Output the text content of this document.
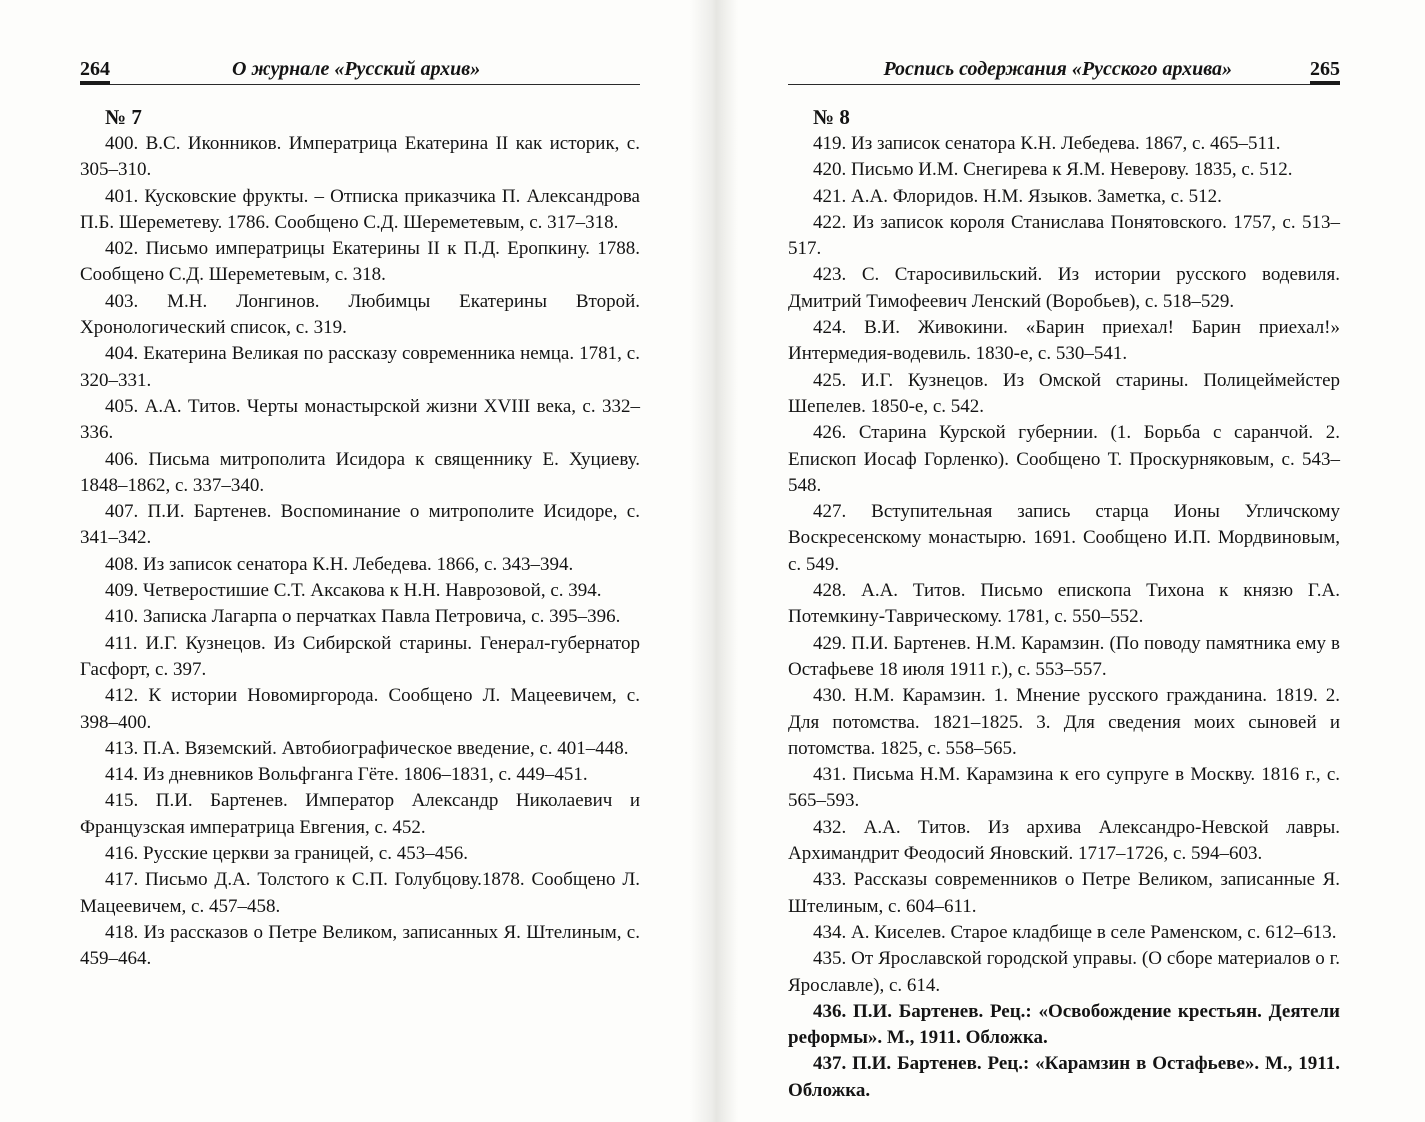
264	О журнале «Русский архив»
№ 7

400. В.С. Иконников. Императрица Екатерина II как историк, с. 305–310.

401. Кусковские фрукты. – Отписка приказчика П. Александрова П.Б. Шереметеву. 1786. Сообщено С.Д. Шереметевым, с. 317–318.

402. Письмо императрицы Екатерины II к П.Д. Еропкину. 1788. Сообщено С.Д. Шереметевым, с. 318.

403. М.Н. Лонгинов. Любимцы Екатерины Второй. Хронологический список, с. 319.

404. Екатерина Великая по рассказу современника немца. 1781, с. 320–331.

405. А.А. Титов. Черты монастырской жизни XVIII века, с. 332–336.

406. Письма митрополита Исидора к священнику Е. Хуциеву. 1848–1862, с. 337–340.

407. П.И. Бартенев. Воспоминание о митрополите Исидоре, с. 341–342.

408. Из записок сенатора К.Н. Лебедева. 1866, с. 343–394.

409. Четверостишие С.Т. Аксакова к Н.Н. Наврозовой, с. 394.

410. Записка Лагарпа о перчатках Павла Петровича, с. 395–396.

411. И.Г. Кузнецов. Из Сибирской старины. Генерал-губернатор Гасфорт, с. 397.

412. К истории Новомиргорода. Сообщено Л. Мацеевичем, с. 398–400.

413. П.А. Вяземский. Автобиографическое введение, с. 401–448.

414. Из дневников Вольфганга Гёте. 1806–1831, с. 449–451.

415. П.И. Бартенев. Император Александр Николаевич и Французская императрица Евгения, с. 452.

416. Русские церкви за границей, с. 453–456.

417. Письмо Д.А. Толстого к С.П. Голубцову.1878. Сообщено Л. Мацеевичем, с. 457–458.

418. Из рассказов о Петре Великом, записанных Я. Штелиным, с. 459–464.

Роспись содержания «Русского архива»	265
№ 8

419. Из записок сенатора К.Н. Лебедева. 1867, с. 465–511.

420. Письмо И.М. Снегирева к Я.М. Неверову. 1835, с. 512.

421. А.А. Флоридов. Н.М. Языков. Заметка, с. 512.

422. Из записок короля Станислава Понятовского. 1757, с. 513–517.

423. С. Старосивильский. Из истории русского водевиля. Дмитрий Тимофеевич Ленский (Воробьев), с. 518–529.

424. В.И. Живокини. «Барин приехал! Барин приехал!» Интермедия-водевиль. 1830-е, с. 530–541.

425. И.Г. Кузнецов. Из Омской старины. Полицеймейстер Шепелев. 1850-е, с. 542.

426. Старина Курской губернии. (1. Борьба с саранчой. 2. Епископ Иосаф Горленко). Сообщено Т. Проскурняковым, с. 543–548.

427. Вступительная запись старца Ионы Угличскому Воскресенскому монастырю. 1691. Сообщено И.П. Мордвиновым, с. 549.

428. А.А. Титов. Письмо епископа Тихона к князю Г.А. Потемкину-Таврическому. 1781, с. 550–552.

429. П.И. Бартенев. Н.М. Карамзин. (По поводу памятника ему в Остафьеве 18 июля 1911 г.), с. 553–557.

430. Н.М. Карамзин. 1. Мнение русского гражданина. 1819. 2. Для потомства. 1821–1825. 3. Для сведения моих сыновей и потомства. 1825, с. 558–565.

431. Письма Н.М. Карамзина к его супруге в Москву. 1816 г., с. 565–593.

432. А.А. Титов. Из архива Александро-Невской лавры. Архимандрит Феодосий Яновский. 1717–1726, с. 594–603.

433. Рассказы современников о Петре Великом, записанные Я. Штелиным, с. 604–611.

434. А. Киселев. Старое кладбище в селе Раменском, с. 612–613.

435. От Ярославской городской управы. (О сборе материалов о г. Ярославле), с. 614.

436. П.И. Бартенев. Рец.: «Освобождение крестьян. Деятели реформы». М., 1911. Обложка.

437. П.И. Бартенев. Рец.: «Карамзин в Остафьеве». М., 1911. Обложка.
